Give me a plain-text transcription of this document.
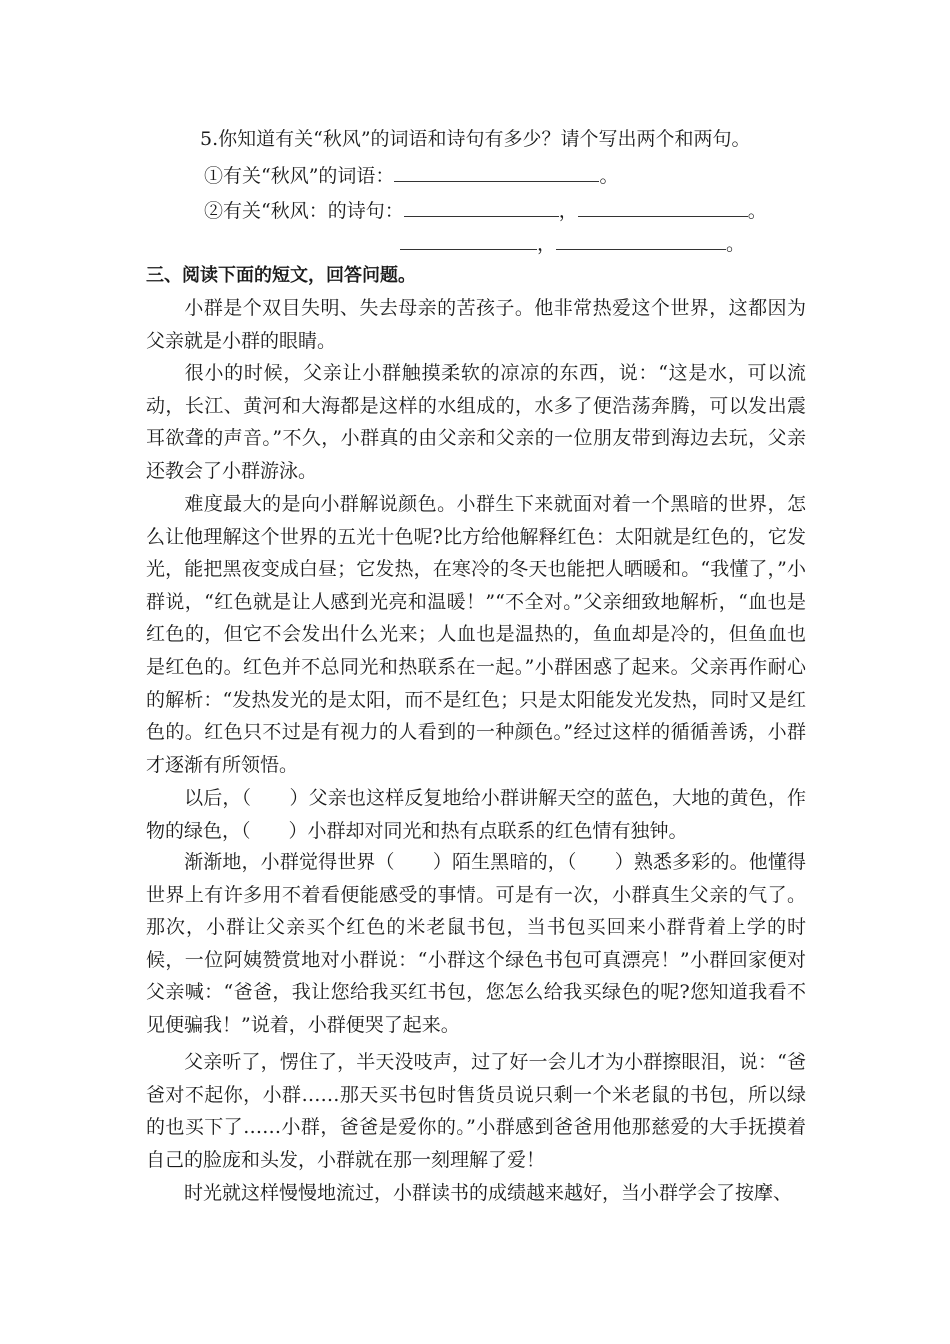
5.你知道有关“秋风”的词语和诗句有多少？请个写出两个和两句。
①有关“秋风”的词语：	。
②有关“秋风：的诗句：	，	。
，	。
三、阅读下面的短文，回答问题。
小群是个双目失明、失去母亲的苦孩子。他非常热爱这个世界，这都因为父亲就是小群的眼睛。
很小的时候，父亲让小群触摸柔软的凉凉的东西，说：“这是水，可以流动，长江、黄河和大海都是这样的水组成的，水多了便浩荡奔腾，可以发出震耳欲聋的声音。”不久，小群真的由父亲和父亲的一位朋友带到海边去玩，父亲还教会了小群游泳。
难度最大的是向小群解说颜色。小群生下来就面对着一个黑暗的世界，怎么让他理解这个世界的五光十色呢?比方给他解释红色：太阳就是红色的，它发光，能把黑夜变成白昼；它发热，在寒冷的冬天也能把人晒暖和。“我懂了，”小群说，“红色就是让人感到光亮和温暖！”“不全对。”父亲细致地解析，“血也是红色的，但它不会发出什么光来；人血也是温热的，鱼血却是冷的，但鱼血也是红色的。红色并不总同光和热联系在一起。”小群困惑了起来。父亲再作耐心的解析：“发热发光的是太阳，而不是红色；只是太阳能发光发热，同时又是红色的。红色只不过是有视力的人看到的一种颜色。”经过这样的循循善诱，小群才逐渐有所领悟。
以后，（　　）父亲也这样反复地给小群讲解天空的蓝色，大地的黄色，作物的绿色，（　　）小群却对同光和热有点联系的红色情有独钟。
渐渐地，小群觉得世界（　　）陌生黑暗的，（　　）熟悉多彩的。他懂得世界上有许多用不着看便能感受的事情。可是有一次，小群真生父亲的气了。那次，小群让父亲买个红色的米老鼠书包，当书包买回来小群背着上学的时候，一位阿姨赞赏地对小群说：“小群这个绿色书包可真漂亮！”小群回家便对父亲喊：“爸爸，我让您给我买红书包，您怎么给我买绿色的呢?您知道我看不见便骗我！”说着，小群便哭了起来。
父亲听了，愣住了，半天没吱声，过了好一会儿才为小群擦眼泪，说：“爸爸对不起你，小群……那天买书包时售货员说只剩一个米老鼠的书包，所以绿的也买下了……小群，爸爸是爱你的。”小群感到爸爸用他那慈爱的大手抚摸着自己的脸庞和头发，小群就在那一刻理解了爱！
时光就这样慢慢地流过，小群读书的成绩越来越好，当小群学会了按摩、
